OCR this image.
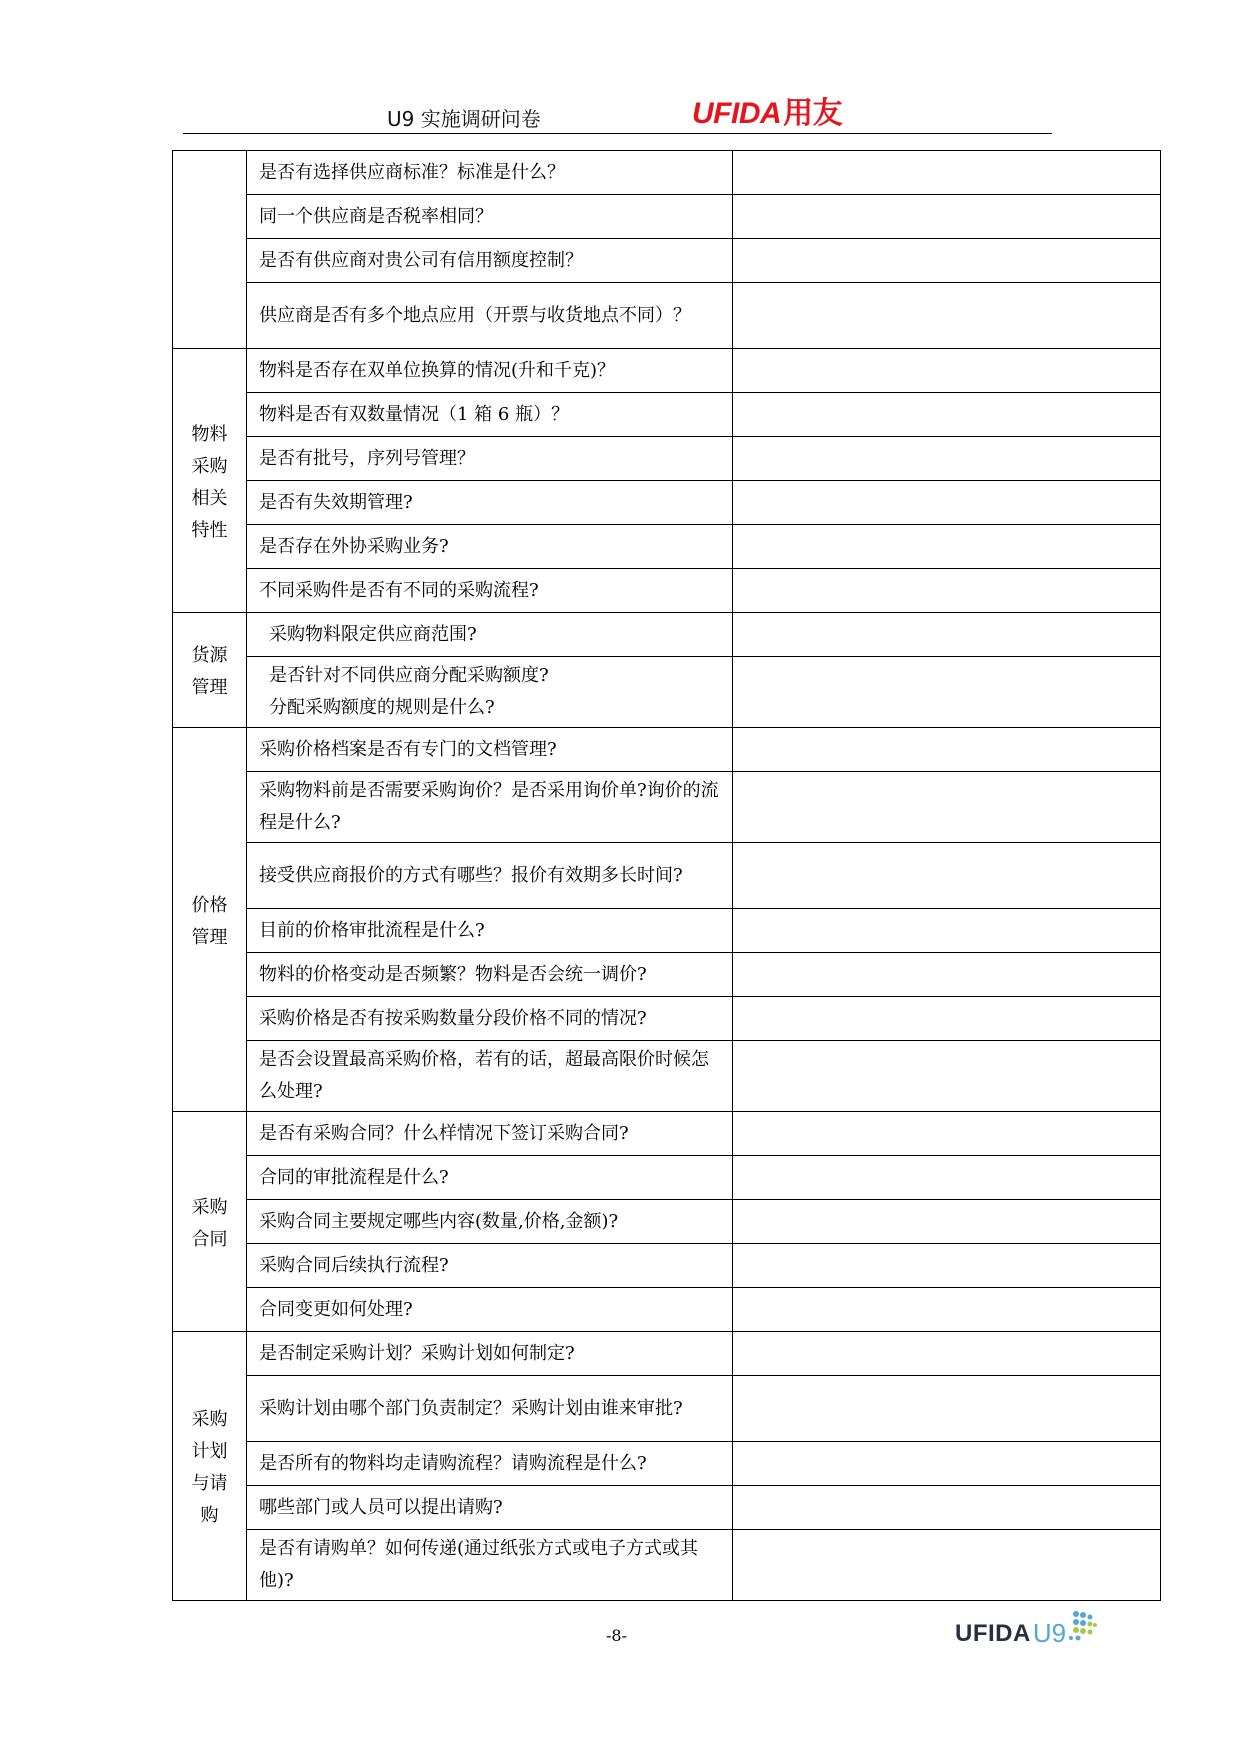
U9 实施调研问卷	UFIDA 用友
	是否有选择供应商标准？标准是什么？	
	同一个供应商是否税率相同？	
	是否有供应商对贵公司有信用额度控制？	
	供应商是否有多个地点应用（开票与收货地点不同）？	

物料采购相关特性	物料是否存在双单位换算的情况(升和千克)？	
	物料是否有双数量情况（1 箱 6 瓶）？	
	是否有批号，序列号管理？	
	是否有失效期管理?	
	是否存在外协采购业务?	
	不同采购件是否有不同的采购流程?	

货源管理	采购物料限定供应商范围?	
	是否针对不同供应商分配采购额度?
分配采购额度的规则是什么?	

价格管理	采购价格档案是否有专门的文档管理?	
	采购物料前是否需要采购询价？是否采用询价单?询价的流程是什么?	
	接受供应商报价的方式有哪些？报价有效期多长时间?	
	目前的价格审批流程是什么?	
	物料的价格变动是否频繁？物料是否会统一调价?	
	采购价格是否有按采购数量分段价格不同的情况?	
	是否会设置最高采购价格，若有的话，超最高限价时候怎么处理?	

采购合同	是否有采购合同？什么样情况下签订采购合同?	
	合同的审批流程是什么?	
	采购合同主要规定哪些内容(数量,价格,金额)?	
	采购合同后续执行流程?	
	合同变更如何处理?	

采购计划与请购	是否制定采购计划？采购计划如何制定?	
	采购计划由哪个部门负责制定？采购计划由谁来审批?	
	是否所有的物料均走请购流程？请购流程是什么?	
	哪些部门或人员可以提出请购?	
	是否有请购单？如何传递(通过纸张方式或电子方式或其他)?	
-8-	UFIDA U9
